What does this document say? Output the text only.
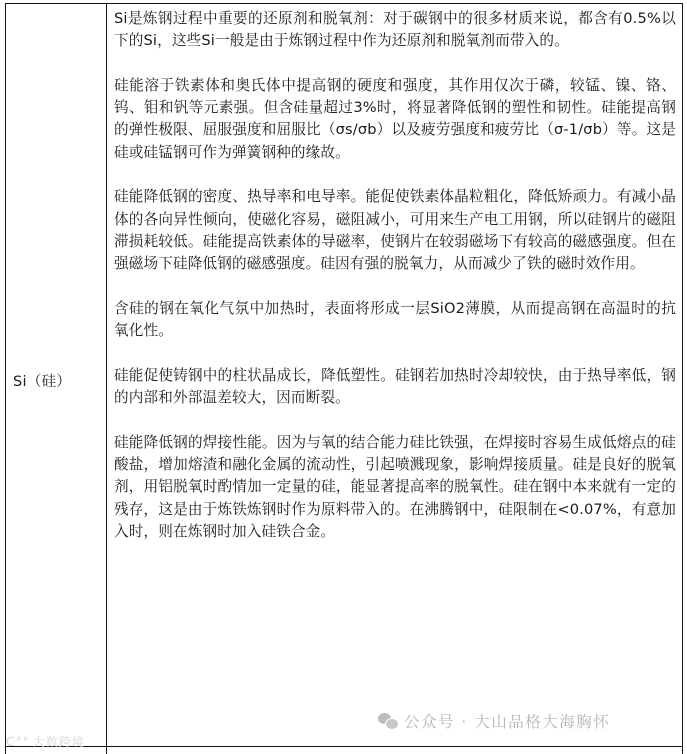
Si（硅）

Si是炼钢过程中重要的还原剂和脱氧剂：对于碳钢中的很多材质来说，都含有0.5%以下的Si，这些Si一般是由于炼钢过程中作为还原剂和脱氧剂而带入的。

硅能溶于铁素体和奥氏体中提高钢的硬度和强度，其作用仅次于磷，较锰、镍、铬、钨、钼和钒等元素强。但含硅量超过3%时，将显著降低钢的塑性和韧性。硅能提高钢的弹性极限、屈服强度和屈服比（σs/σb）以及疲劳强度和疲劳比（σ-1/σb）等。这是硅或硅锰钢可作为弹簧钢种的缘故。

硅能降低钢的密度、热导率和电导率。能促使铁素体晶粒粗化，降低矫顽力。有减小晶体的各向异性倾向，使磁化容易，磁阻减小，可用来生产电工用钢，所以硅钢片的磁阻滞损耗较低。硅能提高铁素体的导磁率，使钢片在较弱磁场下有较高的磁感强度。但在强磁场下硅降低钢的磁感强度。硅因有强的脱氧力，从而减少了铁的磁时效作用。

含硅的钢在氧化气氛中加热时，表面将形成一层SiO2薄膜，从而提高钢在高温时的抗氧化性。

硅能促使铸钢中的柱状晶成长，降低塑性。硅钢若加热时冷却较快，由于热导率低，钢的内部和外部温差较大，因而断裂。

硅能降低钢的焊接性能。因为与氧的结合能力硅比铁强，在焊接时容易生成低熔点的硅酸盐，增加熔渣和融化金属的流动性，引起喷溅现象，影响焊接质量。硅是良好的脱氧剂，用铝脱氧时酌情加一定量的硅，能显著提高率的脱氧性。硅在钢中本来就有一定的残存，这是由于炼铁炼钢时作为原料带入的。在沸腾钢中，硅限制在<0.07%，有意加入时，则在炼钢时加入硅铁合金。

ᑕ°° 大数跨境
公众号 · 大山品格大海胸怀
